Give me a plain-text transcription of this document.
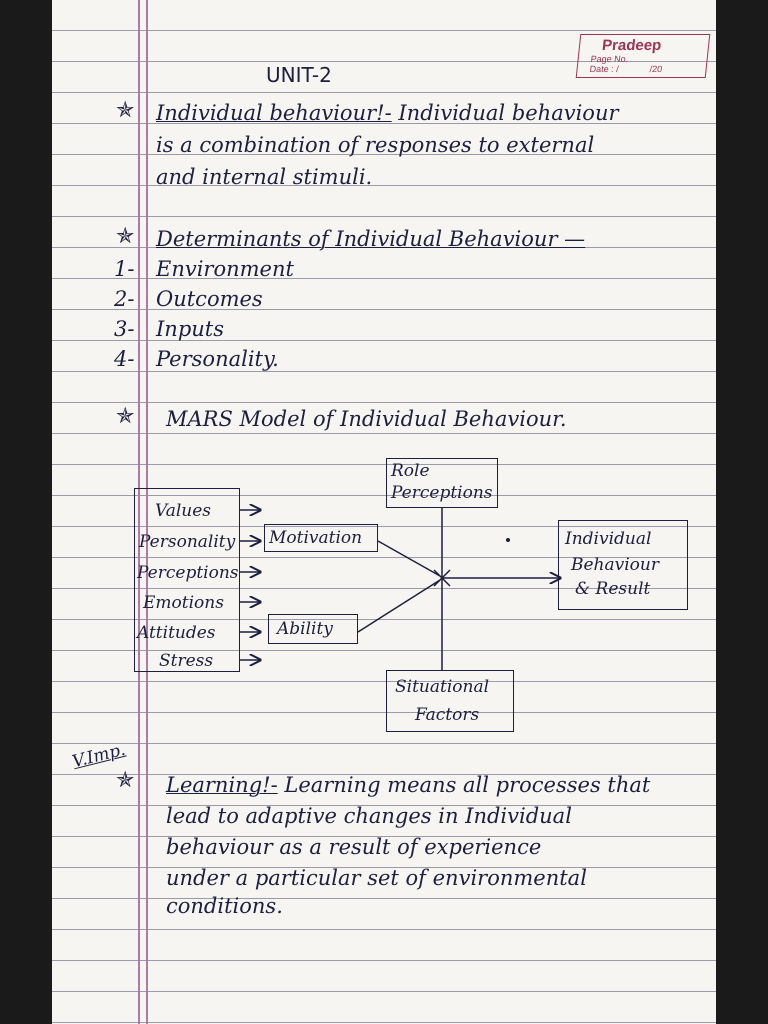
Pradeep
Page No.
Date : /	/20
UNIT-2
✯ Individual behaviour!- Individual behaviour
is a combination of responses to external
and internal stimuli.
✯ Determinants of Individual Behaviour —
1- Environment
2- Outcomes
3- Inputs
4- Personality.
✯ MARS Model of Individual Behaviour.
Values
Personality
Perceptions
Emotions
Attitudes
Stress
Role
Perceptions
Motivation
Ability
Individual
Behaviour
& Result
Situational
Factors
V.Imp.
✯ Learning!- Learning means all processes that
lead to adaptive changes in Individual
behaviour as a result of experience
under a particular set of environmental
conditions.
